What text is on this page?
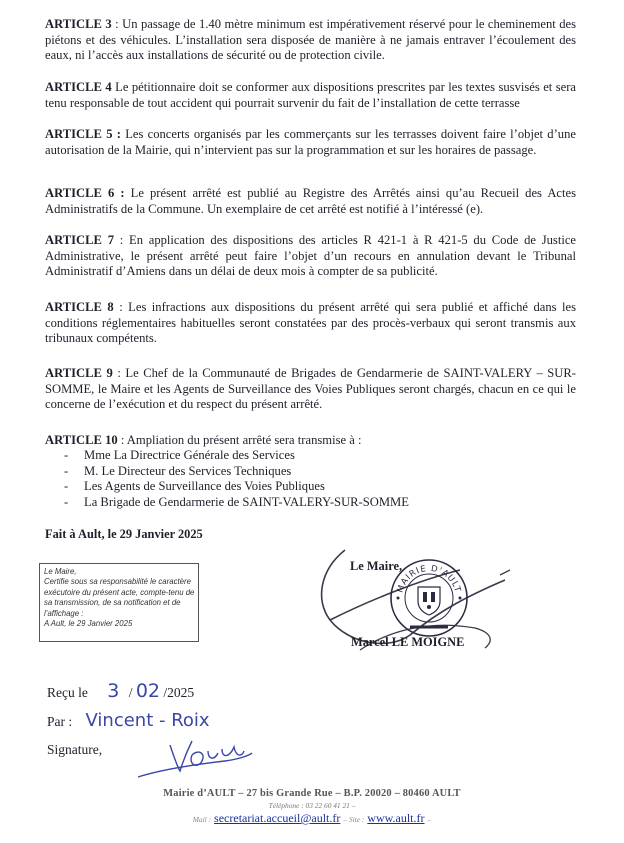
ARTICLE 3 : Un passage de 1.40 mètre minimum est impérativement réservé pour le cheminement des piétons et des véhicules. L’installation sera disposée de manière à ne jamais entraver l’écoulement des eaux, ni l’accès aux installations de sécurité ou de protection civile.
ARTICLE 4 Le pétitionnaire doit se conformer aux dispositions prescrites par les textes susvisés et sera tenu responsable de tout accident qui pourrait survenir du fait de l’installation de cette terrasse
ARTICLE 5 : Les concerts organisés par les commerçants sur les terrasses doivent faire l’objet d’une autorisation de la Mairie, qui n’intervient pas sur la programmation et sur les horaires de passage.
ARTICLE 6 : Le présent arrêté est publié au Registre des Arrêtés ainsi qu’au Recueil des Actes Administratifs de la Commune. Un exemplaire de cet arrêté est notifié à l’intéressé (e).
ARTICLE 7 : En application des dispositions des articles R 421-1 à R 421-5 du Code de Justice Administrative, le présent arrêté peut faire l’objet d’un recours en annulation devant le Tribunal Administratif d’Amiens dans un délai de deux mois à compter de sa publicité.
ARTICLE 8 : Les infractions aux dispositions du présent arrêté qui sera publié et affiché dans les conditions réglementaires habituelles seront constatées par des procès-verbaux qui seront transmis aux tribunaux compétents.
ARTICLE 9 : Le Chef de la Communauté de Brigades de Gendarmerie de SAINT-VALERY – SUR-SOMME, le Maire et les Agents de Surveillance des Voies Publiques seront chargés, chacun en ce qui le concerne de l’exécution et du respect du présent arrêté.
ARTICLE 10 : Ampliation du présent arrêté sera transmise à :
- Mme La Directrice Générale des Services
- M. Le Directeur des Services Techniques
- Les Agents de Surveillance des Voies Publiques
- La Brigade de Gendarmerie de SAINT-VALERY-SUR-SOMME
Fait à Ault, le 29 Janvier 2025
Le Maire,
Certifie sous sa responsabilité le caractère
exécutoire du présent acte, compte-tenu de
sa transmission, de sa notification et de
l’affichage :
A Ault, le 29 Janvier 2025
MAIRIE D'AULT
Le Maire,
Marcel LE MOIGNE
Reçu le 3 / 02 /2025
Par : Vincent - Roix
Signature,
Mairie d’AULT – 27 bis Grande Rue – B.P. 20020 – 80460 AULT
Téléphone : 03 22 60 41 21 –
Mail : secretariat.accueil@ault.fr – Site : www.ault.fr –
